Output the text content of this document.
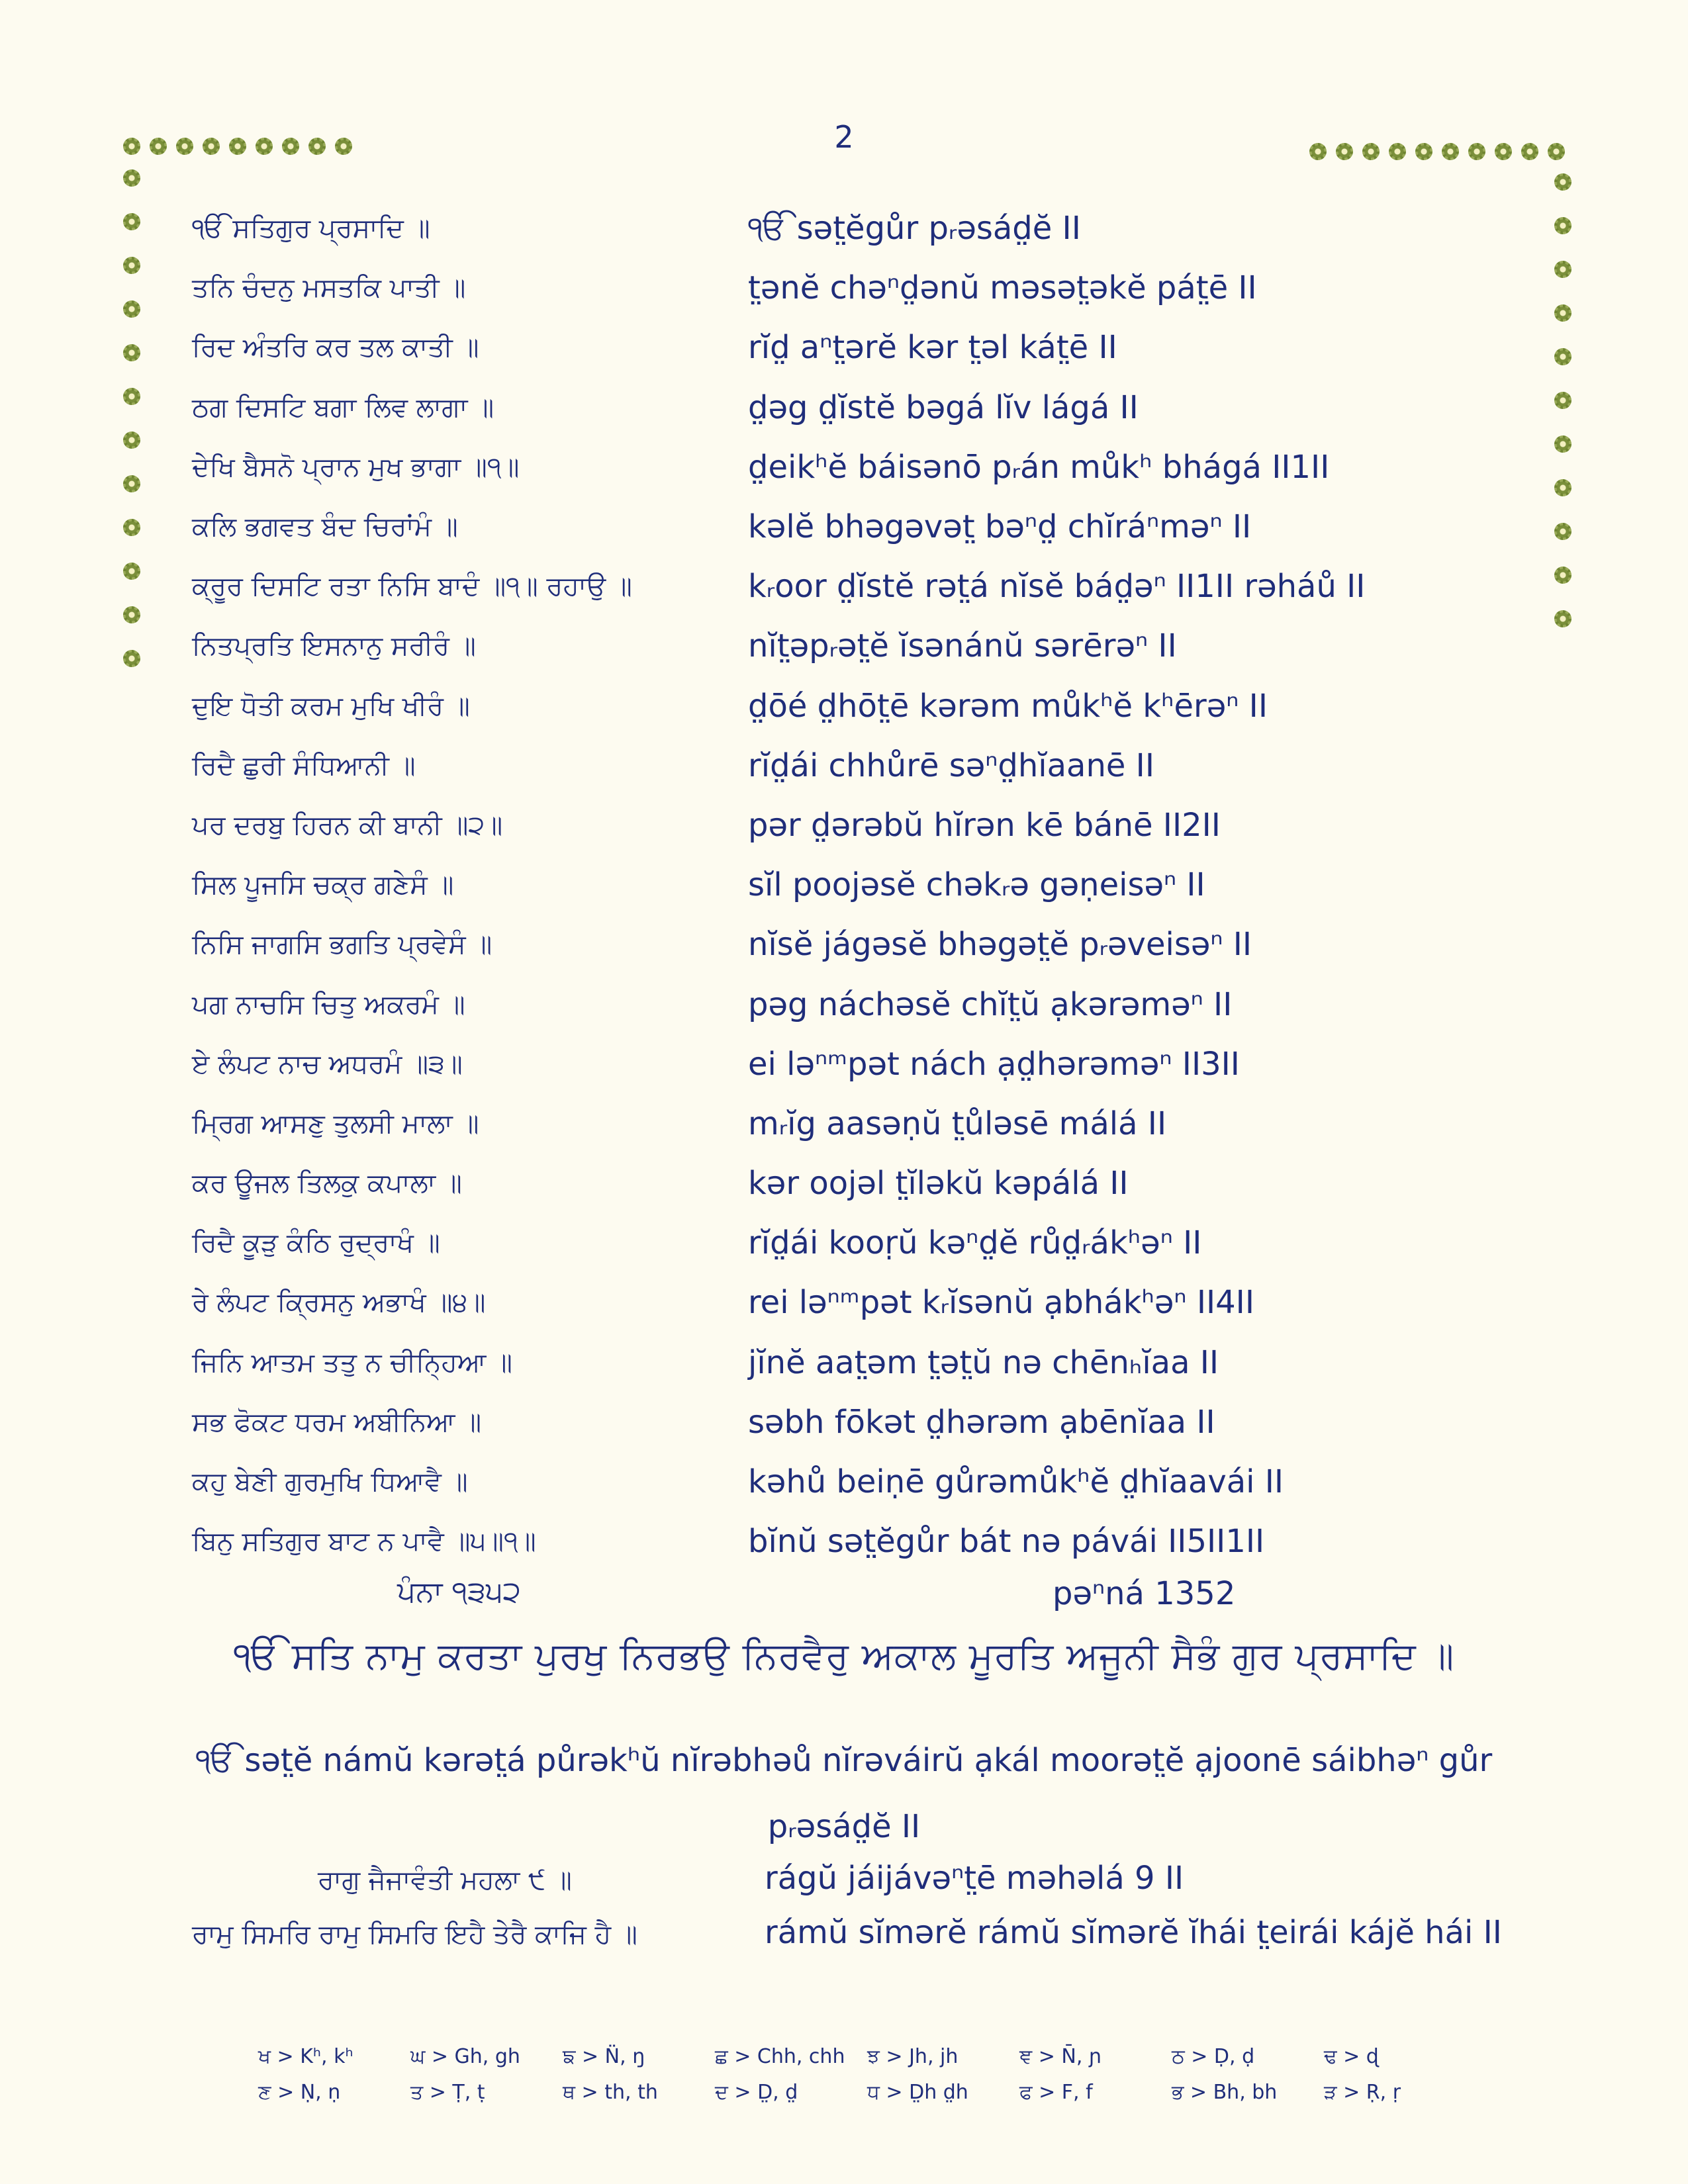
2
ੴ ਸਤਿਗੁਰ ਪ੍ਰਸਾਦਿ ॥	ੴ sət̤ĕgůr pᵣəsád̤ĕ II
ਤਨਿ ਚੰਦਨੁ ਮਸਤਕਿ ਪਾਤੀ ॥	t̤ənĕ chəⁿd̤ənŭ məsət̤əkĕ pát̤ē II
ਰਿਦ ਅੰਤਰਿ ਕਰ ਤਲ ਕਾਤੀ ॥	rĭd̤ aⁿt̤ərĕ kər t̤əl kát̤ē II
ਠਗ ਦਿਸਟਿ ਬਗਾ ਲਿਵ ਲਾਗਾ ॥	d̤əg d̤ĭstĕ bəgá lĭv lágá II
ਦੇਖਿ ਬੈਸਨੋ ਪ੍ਰਾਨ ਮੁਖ ਭਾਗਾ ॥੧॥	d̤eikʰĕ báisənō pᵣán můkʰ bhágá II1II
ਕਲਿ ਭਗਵਤ ਬੰਦ ਚਿਰਾਂਮੰ ॥	kəlĕ bhəgəvət̤ bəⁿd̤ chĭráⁿməⁿ II
ਕ੍ਰੂਰ ਦਿਸਟਿ ਰਤਾ ਨਿਸਿ ਬਾਦੰ ॥੧॥ ਰਹਾਉ ॥	kᵣoor d̤ĭstĕ rət̤á nĭsĕ bád̤əⁿ II1II rəháů II
ਨਿਤਪ੍ਰਤਿ ਇਸਨਾਨੁ ਸਰੀਰੰ ॥	nĭt̤əpᵣət̤ĕ ĭsənánŭ sərērəⁿ II
ਦੁਇ ਧੋਤੀ ਕਰਮ ਮੁਖਿ ਖੀਰੰ ॥	d̤ōé d̤hōt̤ē kərəm můkʰĕ kʰērəⁿ II
ਰਿਦੈ ਛੁਰੀ ਸੰਧਿਆਨੀ ॥	rĭd̤ái chhůrē səⁿd̤hĭaanē II
ਪਰ ਦਰਬੁ ਹਿਰਨ ਕੀ ਬਾਨੀ ॥੨॥	pər d̤ərəbŭ hĭrən kē bánē II2II
ਸਿਲ ਪੂਜਸਿ ਚਕ੍ਰ ਗਣੇਸੰ ॥	sĭl poojəsĕ chəkᵣə gəṇeisəⁿ II
ਨਿਸਿ ਜਾਗਸਿ ਭਗਤਿ ਪ੍ਰਵੇਸੰ ॥	nĭsĕ jágəsĕ bhəgət̤ĕ pᵣəveisəⁿ II
ਪਗ ਨਾਚਸਿ ਚਿਤੁ ਅਕਰਮੰ ॥	pəg náchəsĕ chĭt̤ŭ ạkərəməⁿ II
ਏ ਲੰਪਟ ਨਾਚ ਅਧਰਮੰ ॥੩॥	ei ləⁿᵐpət nách ạd̤hərəməⁿ II3II
ਮ੍ਰਿਗ ਆਸਣੁ ਤੁਲਸੀ ਮਾਲਾ ॥	mᵣĭg aasəṇŭ t̤ůləsē málá II
ਕਰ ਊਜਲ ਤਿਲਕੁ ਕਪਾਲਾ ॥	kər oojəl t̤ĭləkŭ kəpálá II
ਰਿਦੈ ਕੂੜੁ ਕੰਠਿ ਰੁਦ੍ਰਾਖੰ ॥	rĭd̤ái kooṛŭ kəⁿd̤ĕ růd̤ᵣákʰəⁿ II
ਰੇ ਲੰਪਟ ਕ੍ਰਿਸਨੁ ਅਭਾਖੰ ॥੪॥	rei ləⁿᵐpət kᵣĭsənŭ ạbhákʰəⁿ II4II
ਜਿਨਿ ਆਤਮ ਤਤੁ ਨ ਚੀਨ੍ਹਿਆ ॥	jĭnĕ aat̤əm t̤ət̤ŭ nə chēnₕĭaa II
ਸਭ ਫੋਕਟ ਧਰਮ ਅਬੀਨਿਆ ॥	səbh fōkət d̤hərəm ạbēnĭaa II
ਕਹੁ ਬੇਣੀ ਗੁਰਮੁਖਿ ਧਿਆਵੈ ॥	kəhů beiṇē gůrəmůkʰĕ d̤hĭaavái II
ਬਿਨੁ ਸਤਿਗੁਰ ਬਾਟ ਨ ਪਾਵੈ ॥੫॥੧॥	bĭnŭ sət̤ĕgůr bát nə pávái II5II1II
ਪੰਨਾ ੧੩੫੨	pəⁿná 1352
ੴ ਸਤਿ ਨਾਮੁ ਕਰਤਾ ਪੁਰਖੁ ਨਿਰਭਉ ਨਿਰਵੈਰੁ ਅਕਾਲ ਮੂਰਤਿ ਅਜੂਨੀ ਸੈਭੰ ਗੁਰ ਪ੍ਰਸਾਦਿ ॥
ੴ sət̤ĕ námŭ kərət̤á půrəkʰŭ nĭrəbhəů nĭrəváirŭ ạkál moorət̤ĕ ạjoonē sáibhəⁿ gůr pᵣəsád̤ĕ II
ਰਾਗੁ ਜੈਜਾਵੰਤੀ ਮਹਲਾ ੯ ॥	rágŭ jáijávəⁿt̤ē məhəlá 9 II
ਰਾਮੁ ਸਿਮਰਿ ਰਾਮੁ ਸਿਮਰਿ ਇਹੈ ਤੇਰੈ ਕਾਜਿ ਹੈ ॥	rámŭ sĭmərĕ rámŭ sĭmərĕ ĭhái t̤eirái kájĕ hái II
ਖ > Kʰ, kʰ	ਘ > Gh, gh	ਙ > N̈, ŋ	ਛ > Chh, chh	ਝ > Jh, jh	ਞ > N̄, ɲ	ਠ > Ḍ, ḍ	ਢ > ɖ
ਣ > Ṇ, ṇ	ਤ > Ṭ, ṭ	ਥ > th, th	ਦ > D̤, d̤	ਧ > D̤h d̤h	ਫ > F, f	ਭ > Bh, bh	ੜ > Ṛ, ṛ
